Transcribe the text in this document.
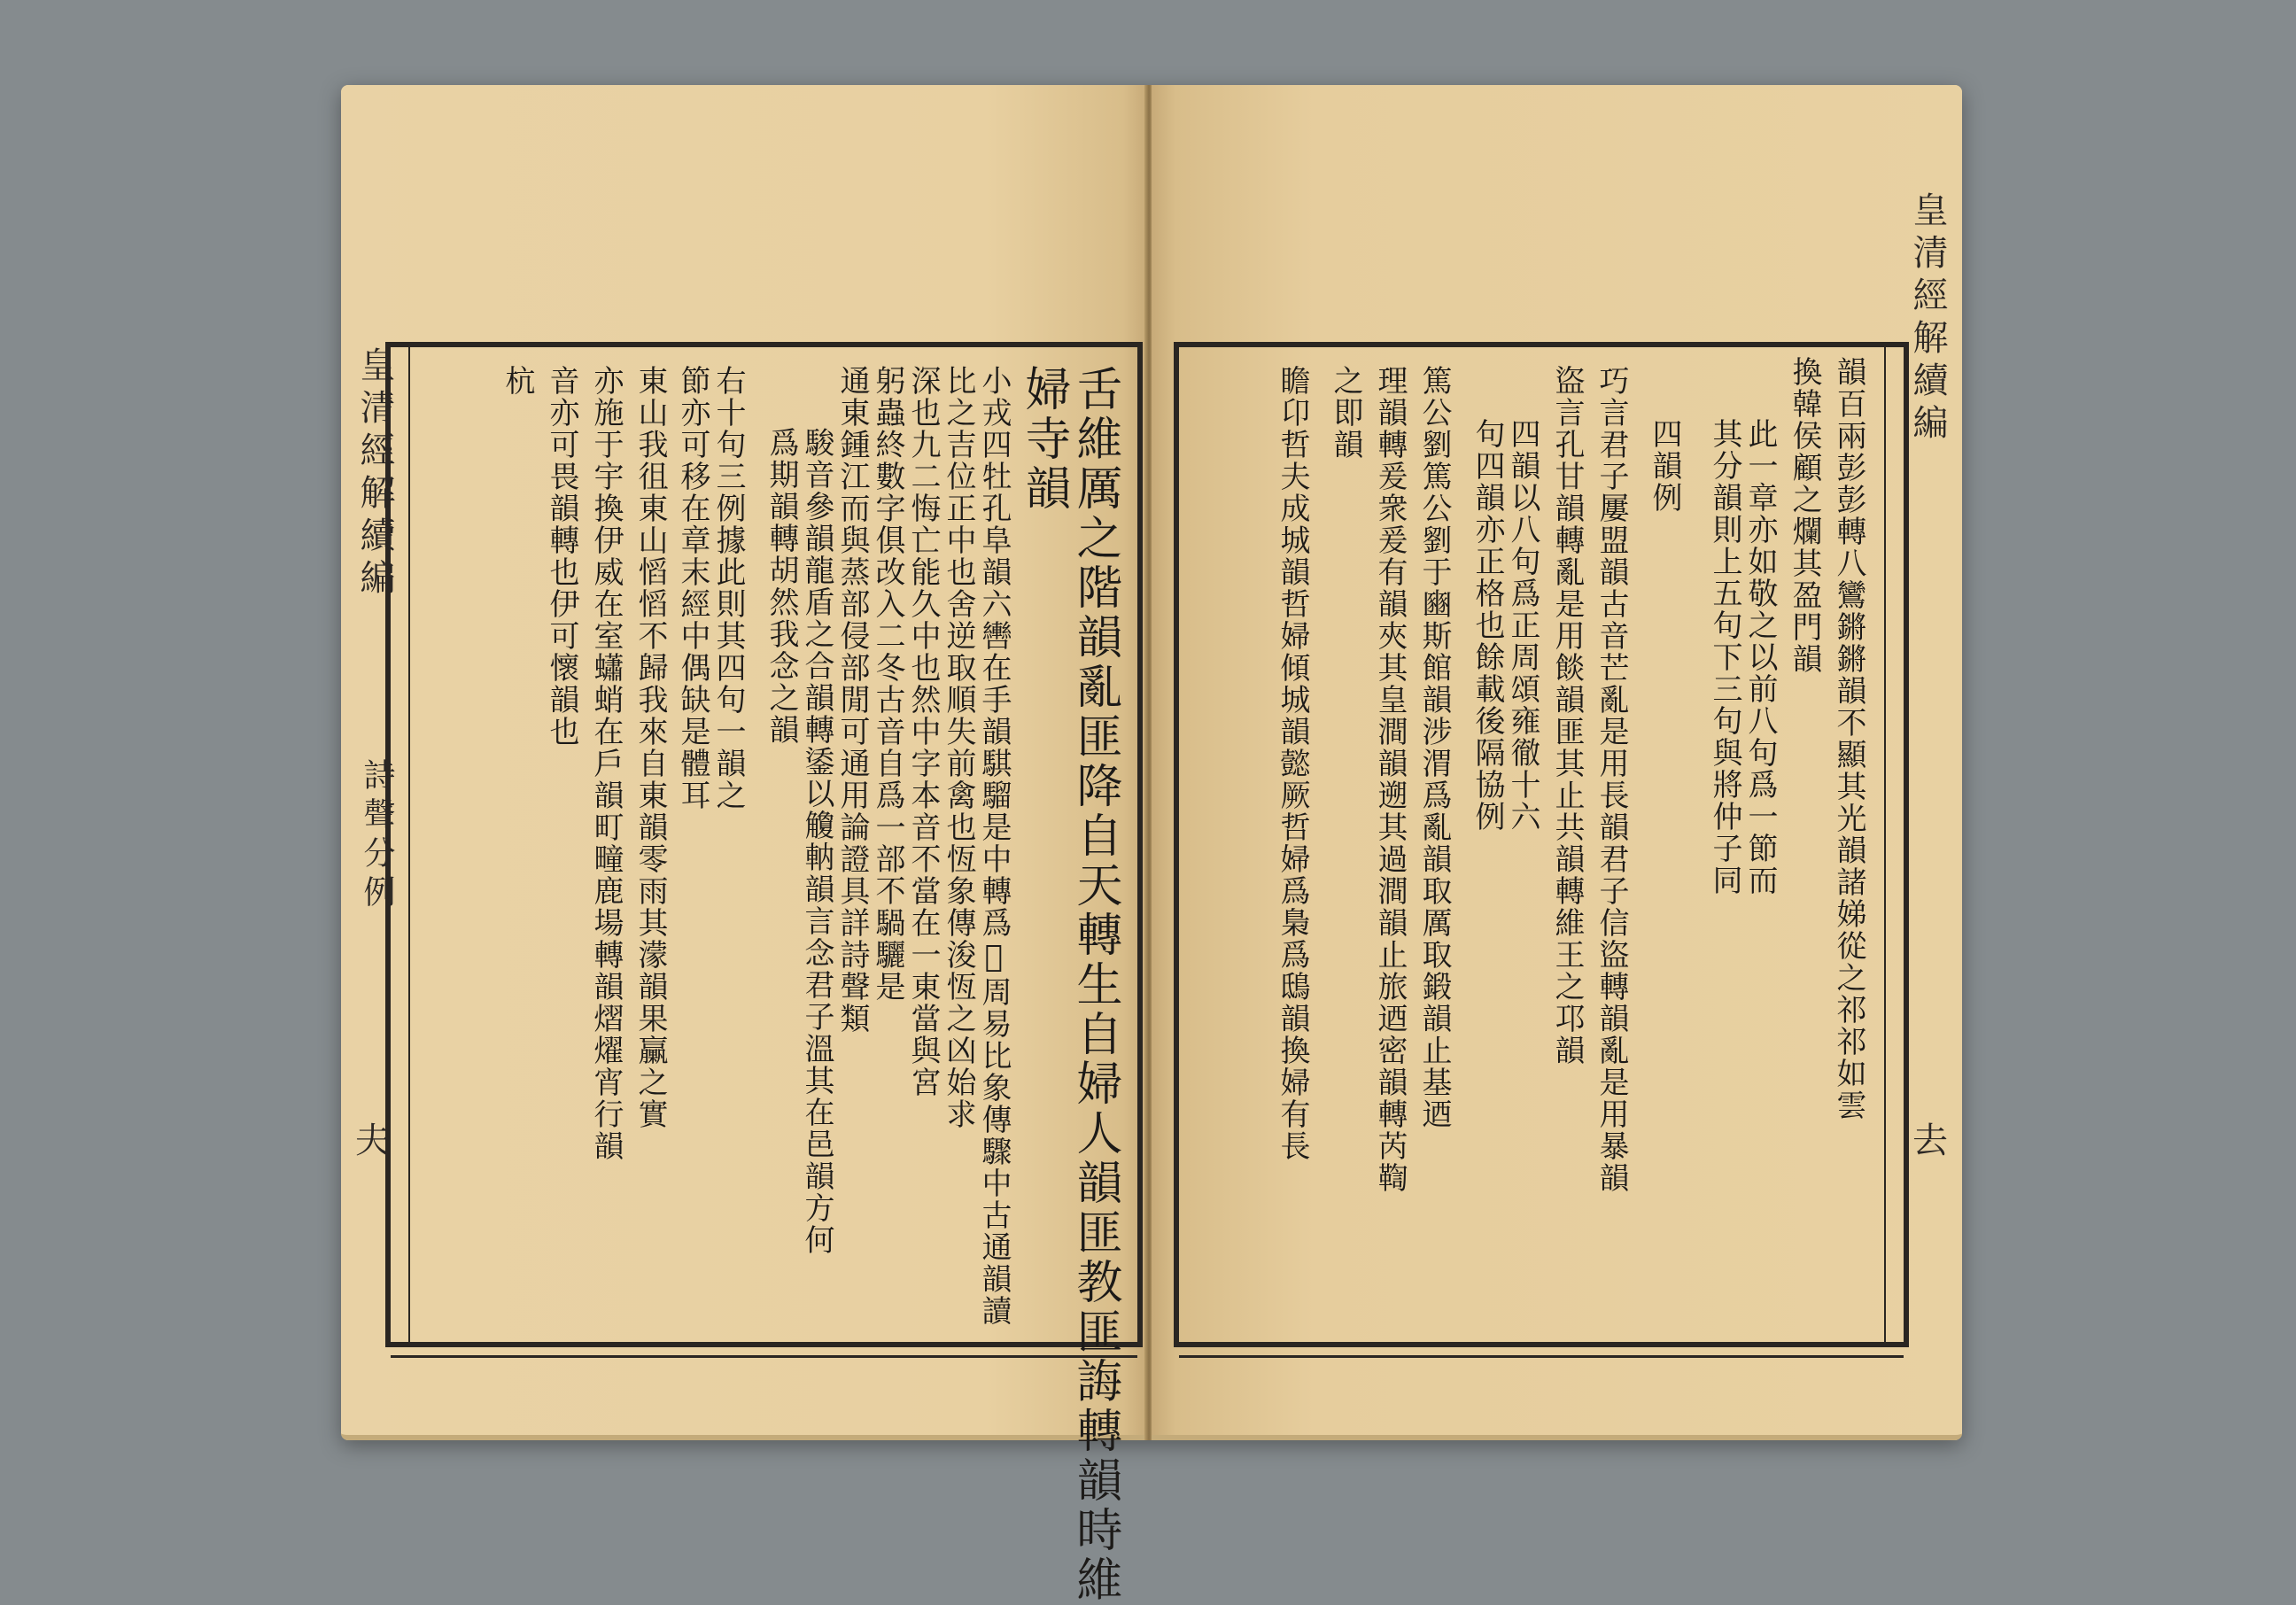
舌維厲之階韻亂匪降自天轉生自婦人韻匪教匪誨轉韻時維
婦寺韻
小戎四牡孔阜韻六轡在手韻騏騮是中轉爲𩢏周易比象傳驟中古通韻讀
比之吉位正中也舍逆取順失前禽也恆象傳浚恆之凶始求
深也九二悔亡能久中也然中字本音不當在一東當與宮
躬蟲終數字俱改入二冬古音自爲一部不騧驪是
通東鍾江而與蒸部侵部閒可通用論證具詳詩聲類
駿音參韻龍盾之合韻轉鋈以觼軜韻言念君子溫其在邑韻方何
爲期韻轉胡然我念之韻
右十句三例據此則其四句一韻之
節亦可移在章末經中偶缺是體耳
東山我徂東山慆慆不歸我來自東韻零雨其濛韻果臝之實
亦施于宇換伊威在室蠨蛸在戶韻町疃鹿場轉韻熠燿宵行韻
音亦可畏韻轉也伊可懷韻也
杭
皇清經解續編
詩聲分例
夫
韻百兩彭彭轉八鸞鏘鏘韻不顯其光韻諸娣從之祁祁如雲
換韓侯顧之爛其盈門韻
此一章亦如敬之以前八句爲一節而
其分韻則上五句下三句與將仲子同
四韻例
巧言君子屢盟韻古音芒亂是用長韻君子信盜轉韻亂是用暴韻
盜言孔甘韻轉亂是用餤韻匪其止共韻轉維王之邛韻
四韻以八句爲正周頌雍徹十六
句四韻亦正格也餘載後隔協例
篤公劉篤公劉于豳斯館韻涉渭爲亂韻取厲取鍛韻止基迺
理韻轉爰衆爰有韻夾其皇澗韻遡其過澗韻止旅迺密韻轉芮鞫
之即韻
瞻卬哲夫成城韻哲婦傾城韻懿厥哲婦爲梟爲鴟韻換婦有長
皇清經解續編
去
